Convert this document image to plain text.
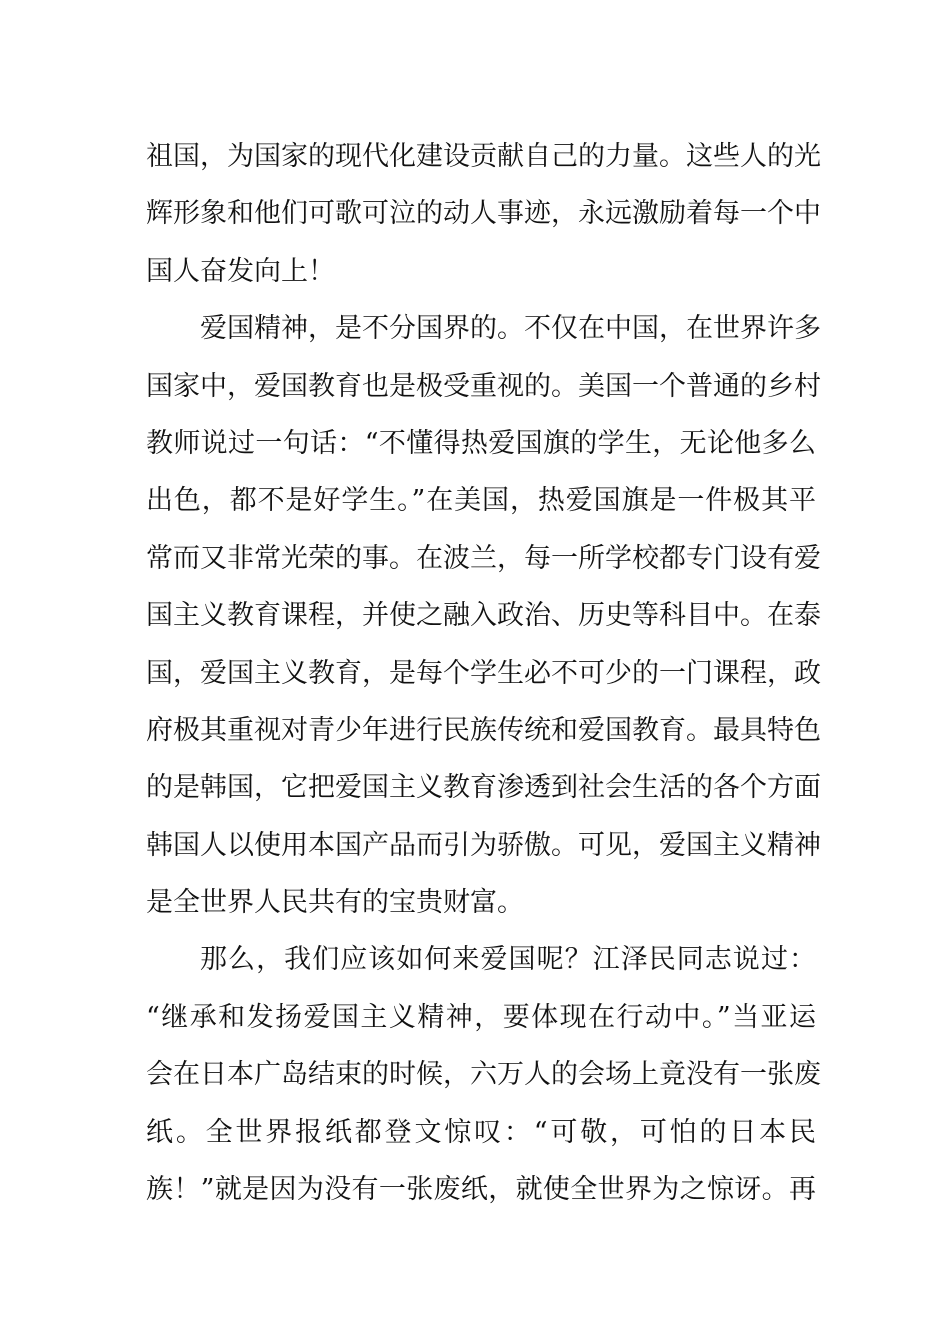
祖国，为国家的现代化建设贡献自己的力量。这些人的光
辉形象和他们可歌可泣的动人事迹，永远激励着每一个中
国人奋发向上！
爱国精神，是不分国界的。不仅在中国，在世界许多
国家中，爱国教育也是极受重视的。美国一个普通的乡村
教师说过一句话：“不懂得热爱国旗的学生，无论他多么
出色，都不是好学生。”在美国，热爱国旗是一件极其平
常而又非常光荣的事。在波兰，每一所学校都专门设有爱
国主义教育课程，并使之融入政治、历史等科目中。在泰
国，爱国主义教育，是每个学生必不可少的一门课程，政
府极其重视对青少年进行民族传统和爱国教育。最具特色
的是韩国，它把爱国主义教育渗透到社会生活的各个方面
韩国人以使用本国产品而引为骄傲。可见，爱国主义精神
是全世界人民共有的宝贵财富。
那么，我们应该如何来爱国呢？江泽民同志说过：
“继承和发扬爱国主义精神，要体现在行动中。”当亚运
会在日本广岛结束的时候，六万人的会场上竟没有一张废
纸。全世界报纸都登文惊叹：“可敬，可怕的日本民
族！”就是因为没有一张废纸，就使全世界为之惊讶。再
